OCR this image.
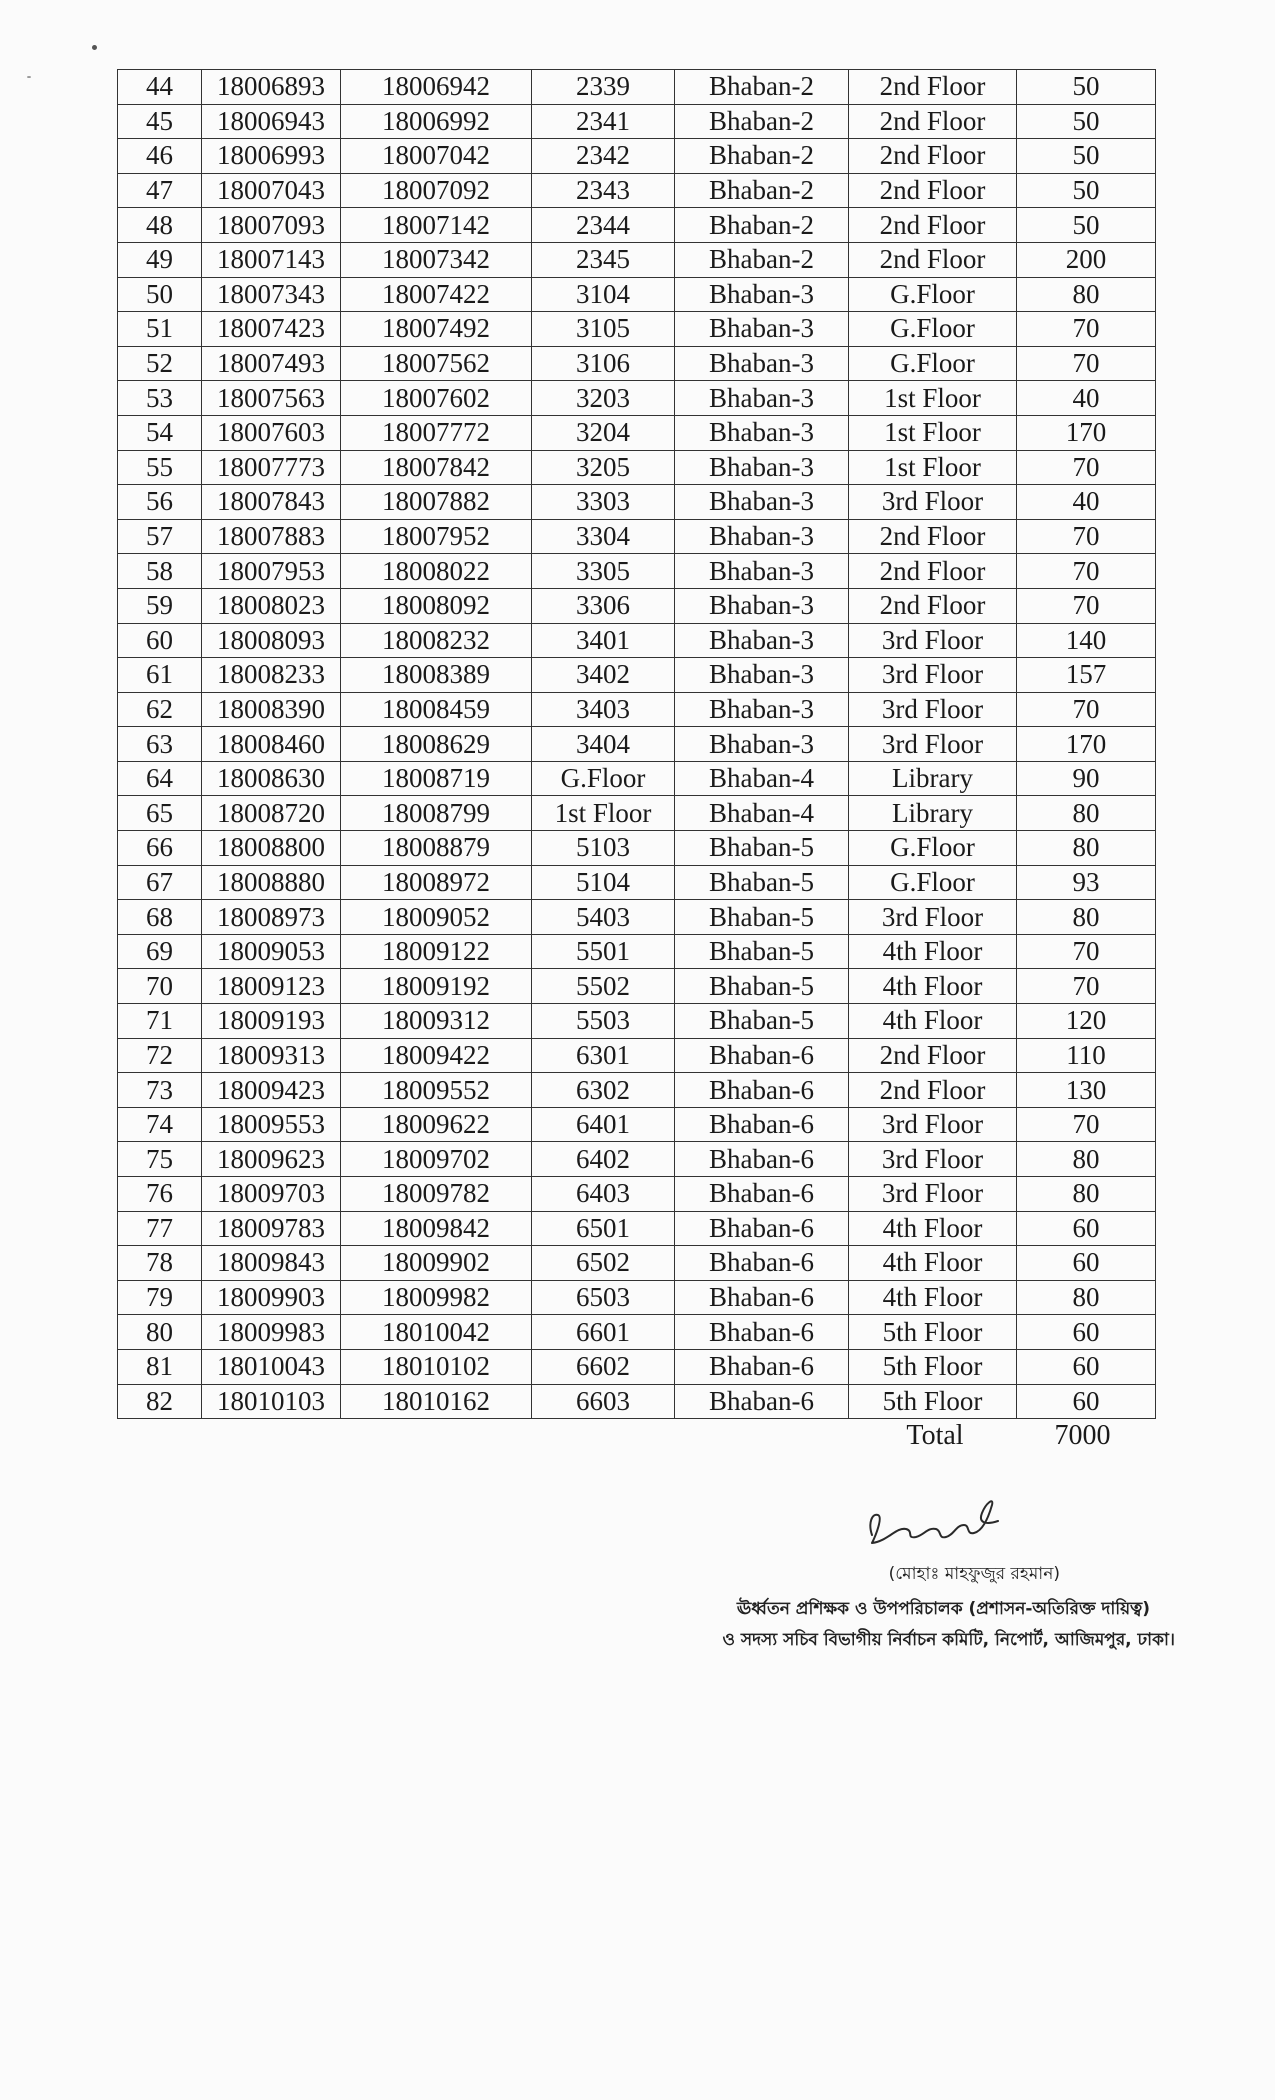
44	18006893	18006942	2339	Bhaban-2	2nd Floor	50
45	18006943	18006992	2341	Bhaban-2	2nd Floor	50
46	18006993	18007042	2342	Bhaban-2	2nd Floor	50
47	18007043	18007092	2343	Bhaban-2	2nd Floor	50
48	18007093	18007142	2344	Bhaban-2	2nd Floor	50
49	18007143	18007342	2345	Bhaban-2	2nd Floor	200
50	18007343	18007422	3104	Bhaban-3	G.Floor	80
51	18007423	18007492	3105	Bhaban-3	G.Floor	70
52	18007493	18007562	3106	Bhaban-3	G.Floor	70
53	18007563	18007602	3203	Bhaban-3	1st Floor	40
54	18007603	18007772	3204	Bhaban-3	1st Floor	170
55	18007773	18007842	3205	Bhaban-3	1st Floor	70
56	18007843	18007882	3303	Bhaban-3	3rd Floor	40
57	18007883	18007952	3304	Bhaban-3	2nd Floor	70
58	18007953	18008022	3305	Bhaban-3	2nd Floor	70
59	18008023	18008092	3306	Bhaban-3	2nd Floor	70
60	18008093	18008232	3401	Bhaban-3	3rd Floor	140
61	18008233	18008389	3402	Bhaban-3	3rd Floor	157
62	18008390	18008459	3403	Bhaban-3	3rd Floor	70
63	18008460	18008629	3404	Bhaban-3	3rd Floor	170
64	18008630	18008719	G.Floor	Bhaban-4	Library	90
65	18008720	18008799	1st Floor	Bhaban-4	Library	80
66	18008800	18008879	5103	Bhaban-5	G.Floor	80
67	18008880	18008972	5104	Bhaban-5	G.Floor	93
68	18008973	18009052	5403	Bhaban-5	3rd Floor	80
69	18009053	18009122	5501	Bhaban-5	4th Floor	70
70	18009123	18009192	5502	Bhaban-5	4th Floor	70
71	18009193	18009312	5503	Bhaban-5	4th Floor	120
72	18009313	18009422	6301	Bhaban-6	2nd Floor	110
73	18009423	18009552	6302	Bhaban-6	2nd Floor	130
74	18009553	18009622	6401	Bhaban-6	3rd Floor	70
75	18009623	18009702	6402	Bhaban-6	3rd Floor	80
76	18009703	18009782	6403	Bhaban-6	3rd Floor	80
77	18009783	18009842	6501	Bhaban-6	4th Floor	60
78	18009843	18009902	6502	Bhaban-6	4th Floor	60
79	18009903	18009982	6503	Bhaban-6	4th Floor	80
80	18009983	18010042	6601	Bhaban-6	5th Floor	60
81	18010043	18010102	6602	Bhaban-6	5th Floor	60
82	18010103	18010162	6603	Bhaban-6	5th Floor	60
Total	7000
(মোহাঃ মাহফুজুর রহমান)
ঊর্ধ্বতন প্রশিক্ষক ও উপপরিচালক (প্রশাসন-অতিরিক্ত দায়িত্ব)
ও সদস্য সচিব বিভাগীয় নির্বাচন কমিটি, নিপোর্ট, আজিমপুর, ঢাকা।
